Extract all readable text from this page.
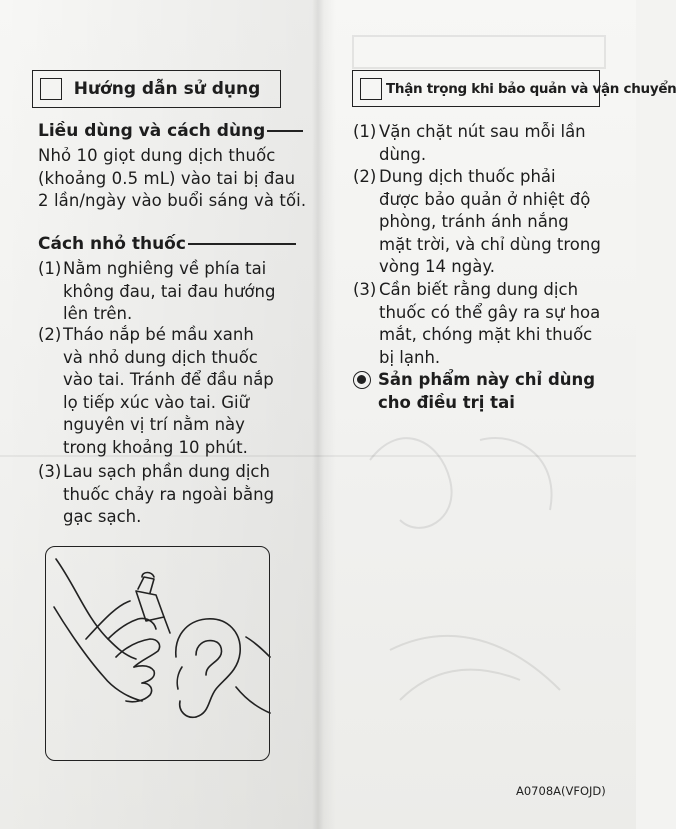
Hướng dẫn sử dụng
Liều dùng và cách dùng
Nhỏ 10 giọt dung dịch thuốc
(khoảng 0.5 mL) vào tai bị đau
2 lần/ngày vào buổi sáng và tối.
Cách nhỏ thuốc
(1) Nằm nghiêng về phía tai
không đau, tai đau hướng
lên trên.
(2) Tháo nắp bé mầu xanh
và nhỏ dung dịch thuốc
vào tai. Tránh để đầu nắp
lọ tiếp xúc vào tai. Giữ
nguyên vị trí nằm này
trong khoảng 10 phút.
(3) Lau sạch phần dung dịch
thuốc chảy ra ngoài bằng
gạc sạch.
Thận trọng khi bảo quản và vận chuyển
(1) Vặn chặt nút sau mỗi lần
dùng.
(2) Dung dịch thuốc phải
được bảo quản ở nhiệt độ
phòng, tránh ánh nắng
mặt trời, và chỉ dùng trong
vòng 14 ngày.
(3) Cần biết rằng dung dịch
thuốc có thể gây ra sự hoa
mắt, chóng mặt khi thuốc
bị lạnh.
Sản phẩm này chỉ dùng
cho điều trị tai
A0708A(VFOJD)
